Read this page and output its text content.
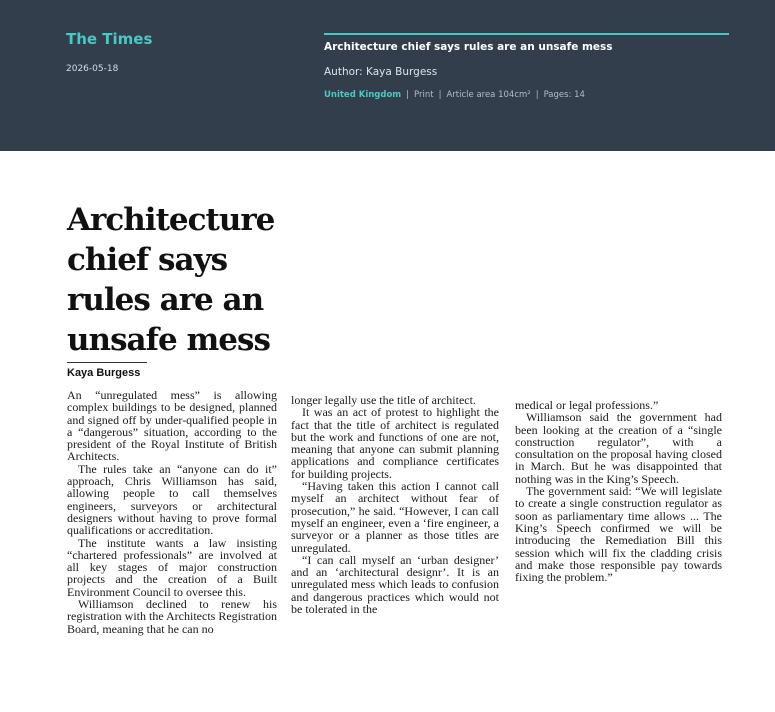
The Times
2026-05-18
Architecture chief says rules are an unsafe mess
Author: Kaya Burgess
United Kingdom | Print | Article area 104cm² | Pages: 14
Architecture
chief says
rules are an
unsafe mess
Kaya Burgess

An “unregulated mess” is allowing complex buildings to be designed, planned and signed off by under-qualified people in a “dangerous” situation, according to the president of the Royal Institute of British Architects.

The rules take an “anyone can do it” approach, Chris Williamson has said, allowing people to call themselves engineers, surveyors or architectural designers without having to prove formal qualifications or accreditation.

The institute wants a law insisting “chartered professionals” are involved at all key stages of major construction projects and the creation of a Built Environment Council to oversee this.

Williamson declined to renew his registration with the Architects Registration Board, meaning that he can no

longer legally use the title of architect.

It was an act of protest to highlight the fact that the title of architect is regulated but the work and functions of one are not, meaning that anyone can submit planning applications and compliance certificates for building projects.

“Having taken this action I cannot call myself an architect without fear of prosecution,” he said. “However, I can call myself an engineer, even a ‘fire engineer, a surveyor or a planner as those titles are unregulated.

“I can call myself an ‘urban designer’ and an ‘architectural designr’. It is an unregulated mess which leads to confusion and dangerous practices which would not be tolerated in the

medical or legal professions.”

Williamson said the government had been looking at the creation of a “single construction regulator”, with a consultation on the proposal having closed in March. But he was disappointed that nothing was in the King’s Speech.

The government said: “We will legislate to create a single construction regulator as soon as parliamentary time allows ... The King’s Speech confirmed we will be introducing the Remediation Bill this session which will fix the cladding crisis and make those responsible pay towards fixing the problem.”
